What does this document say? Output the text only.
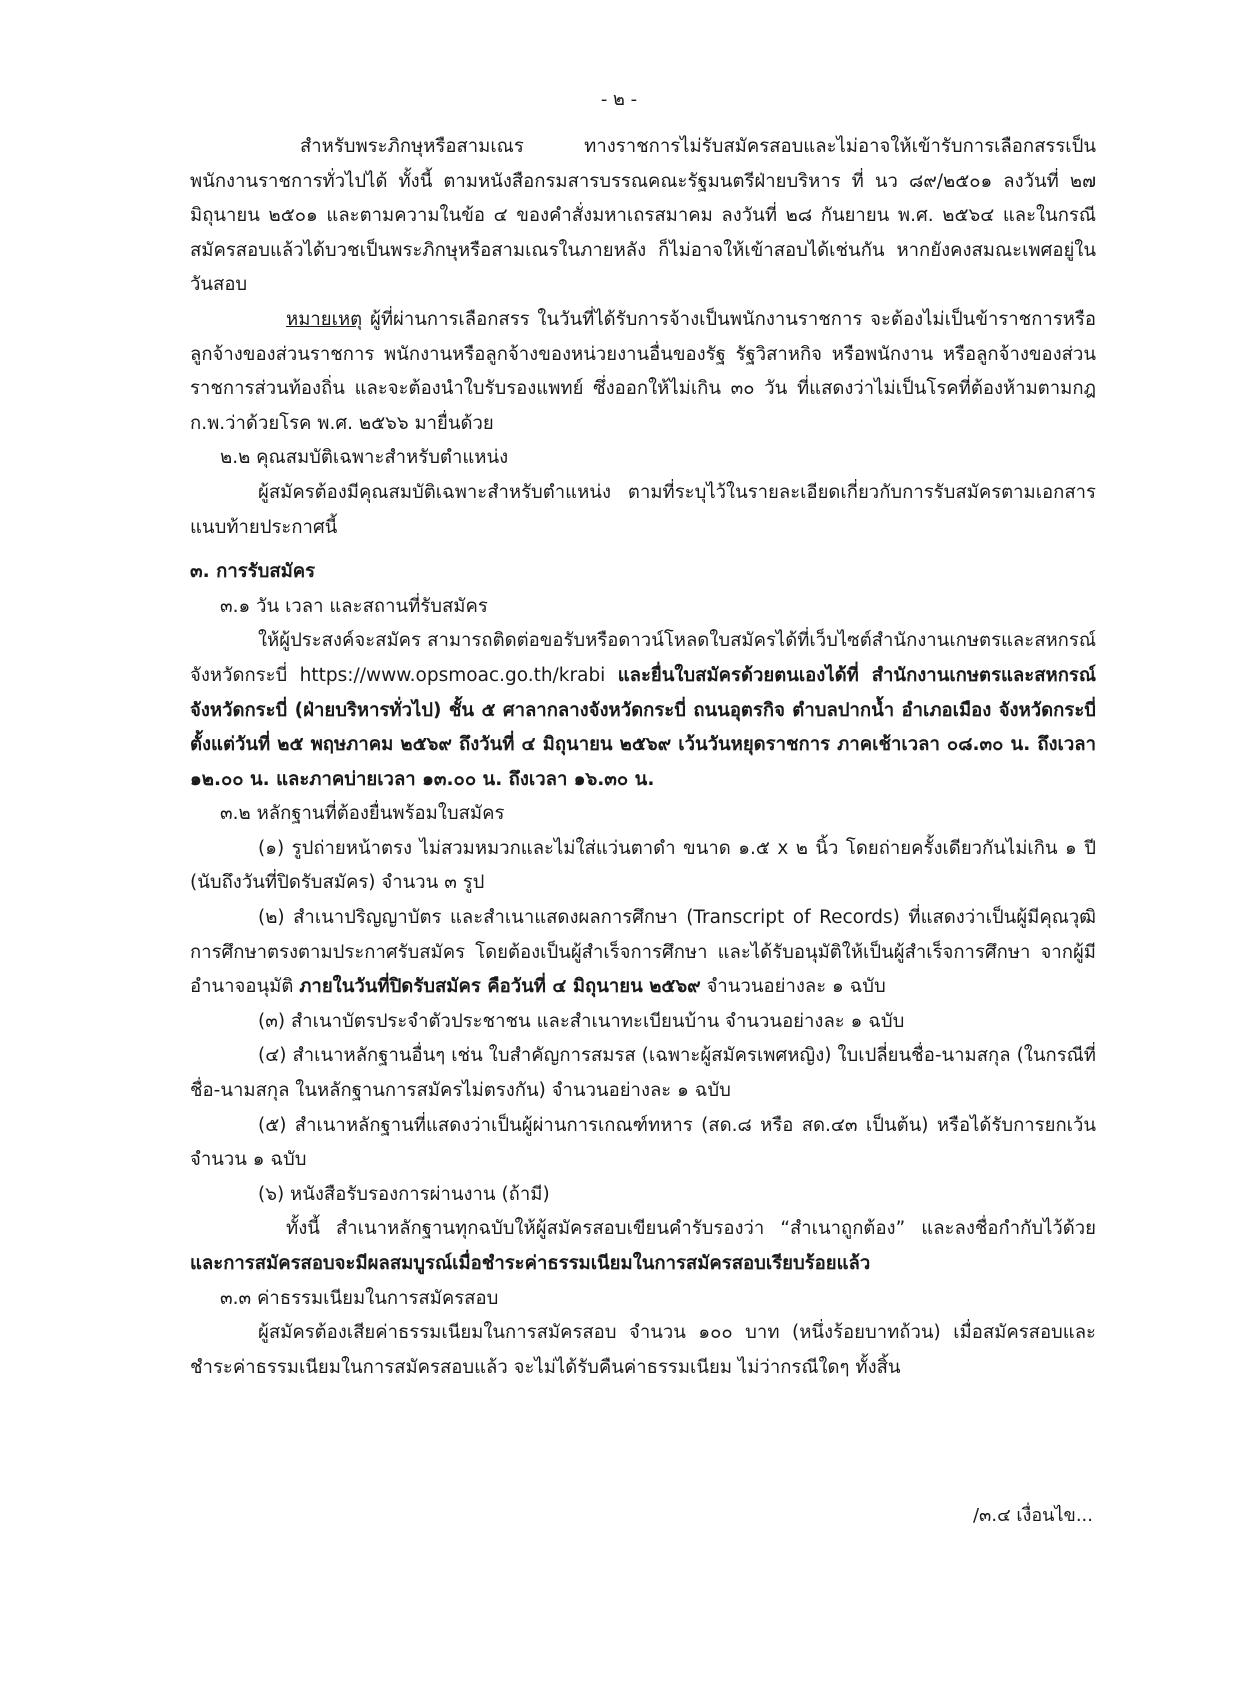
- ๒ -

สำหรับพระภิกษุหรือสามเณร ทางราชการไม่รับสมัครสอบและไม่อาจให้เข้ารับการเลือกสรรเป็นพนักงานราชการทั่วไปได้ ทั้งนี้ ตามหนังสือกรมสารบรรณคณะรัฐมนตรีฝ่ายบริหาร ที่ นว ๘๙/๒๕๐๑ ลงวันที่ ๒๗ มิถุนายน ๒๕๐๑ และตามความในข้อ ๔ ของคำสั่งมหาเถรสมาคม ลงวันที่ ๒๘ กันยายน พ.ศ. ๒๕๖๔ และในกรณีสมัครสอบแล้วได้บวชเป็นพระภิกษุหรือสามเณรในภายหลัง ก็ไม่อาจให้เข้าสอบได้เช่นกัน หากยังคงสมณะเพศอยู่ในวันสอบ

หมายเหตุ ผู้ที่ผ่านการเลือกสรร ในวันที่ได้รับการจ้างเป็นพนักงานราชการ จะต้องไม่เป็นข้าราชการหรือลูกจ้างของส่วนราชการ พนักงานหรือลูกจ้างของหน่วยงานอื่นของรัฐ รัฐวิสาหกิจ หรือพนักงาน หรือลูกจ้างของส่วนราชการส่วนท้องถิ่น และจะต้องนำใบรับรองแพทย์ ซึ่งออกให้ไม่เกิน ๓๐ วัน ที่แสดงว่าไม่เป็นโรคที่ต้องห้ามตามกฎ ก.พ.ว่าด้วยโรค พ.ศ. ๒๕๖๖ มายื่นด้วย

๒.๒ คุณสมบัติเฉพาะสำหรับตำแหน่ง

ผู้สมัครต้องมีคุณสมบัติเฉพาะสำหรับตำแหน่ง ตามที่ระบุไว้ในรายละเอียดเกี่ยวกับการรับสมัครตามเอกสารแนบท้ายประกาศนี้

๓. การรับสมัคร

๓.๑ วัน เวลา และสถานที่รับสมัคร

ให้ผู้ประสงค์จะสมัคร สามารถติดต่อขอรับหรือดาวน์โหลดใบสมัครได้ที่เว็บไซต์สำนักงานเกษตรและสหกรณ์จังหวัดกระบี่ https://www.opsmoac.go.th/krabi และยื่นใบสมัครด้วยตนเองได้ที่ สำนักงานเกษตรและสหกรณ์จังหวัดกระบี่ (ฝ่ายบริหารทั่วไป) ชั้น ๕ ศาลากลางจังหวัดกระบี่ ถนนอุตรกิจ ตำบลปากน้ำ อำเภอเมือง จังหวัดกระบี่ ตั้งแต่วันที่ ๒๕ พฤษภาคม ๒๕๖๙ ถึงวันที่ ๔ มิถุนายน ๒๕๖๙ เว้นวันหยุดราชการ ภาคเช้าเวลา ๐๘.๓๐ น. ถึงเวลา ๑๒.๐๐ น. และภาคบ่ายเวลา ๑๓.๐๐ น. ถึงเวลา ๑๖.๓๐ น.

๓.๒ หลักฐานที่ต้องยื่นพร้อมใบสมัคร

(๑) รูปถ่ายหน้าตรง ไม่สวมหมวกและไม่ใส่แว่นตาดำ ขนาด ๑.๕ x ๒ นิ้ว โดยถ่ายครั้งเดียวกันไม่เกิน ๑ ปี (นับถึงวันที่ปิดรับสมัคร) จำนวน ๓ รูป

(๒) สำเนาปริญญาบัตร และสำเนาแสดงผลการศึกษา (Transcript of Records) ที่แสดงว่าเป็นผู้มีคุณวุฒิการศึกษาตรงตามประกาศรับสมัคร โดยต้องเป็นผู้สำเร็จการศึกษา และได้รับอนุมัติให้เป็นผู้สำเร็จการศึกษา จากผู้มีอำนาจอนุมัติ ภายในวันที่ปิดรับสมัคร คือวันที่ ๔ มิถุนายน ๒๕๖๙ จำนวนอย่างละ ๑ ฉบับ

(๓) สำเนาบัตรประจำตัวประชาชน และสำเนาทะเบียนบ้าน จำนวนอย่างละ ๑ ฉบับ

(๔) สำเนาหลักฐานอื่นๆ เช่น ใบสำคัญการสมรส (เฉพาะผู้สมัครเพศหญิง) ใบเปลี่ยนชื่อ-นามสกุล (ในกรณีที่ชื่อ-นามสกุล ในหลักฐานการสมัครไม่ตรงกัน) จำนวนอย่างละ ๑ ฉบับ

(๕) สำเนาหลักฐานที่แสดงว่าเป็นผู้ผ่านการเกณฑ์ทหาร (สด.๘ หรือ สด.๔๓ เป็นต้น) หรือได้รับการยกเว้น จำนวน ๑ ฉบับ

(๖) หนังสือรับรองการผ่านงาน (ถ้ามี)

ทั้งนี้ สำเนาหลักฐานทุกฉบับให้ผู้สมัครสอบเขียนคำรับรองว่า “สำเนาถูกต้อง” และลงชื่อกำกับไว้ด้วย และการสมัครสอบจะมีผลสมบูรณ์เมื่อชำระค่าธรรมเนียมในการสมัครสอบเรียบร้อยแล้ว

๓.๓ ค่าธรรมเนียมในการสมัครสอบ

ผู้สมัครต้องเสียค่าธรรมเนียมในการสมัครสอบ จำนวน ๑๐๐ บาท (หนึ่งร้อยบาทถ้วน) เมื่อสมัครสอบและชำระค่าธรรมเนียมในการสมัครสอบแล้ว จะไม่ได้รับคืนค่าธรรมเนียม ไม่ว่ากรณีใดๆ ทั้งสิ้น

/๓.๔ เงื่อนไข...
